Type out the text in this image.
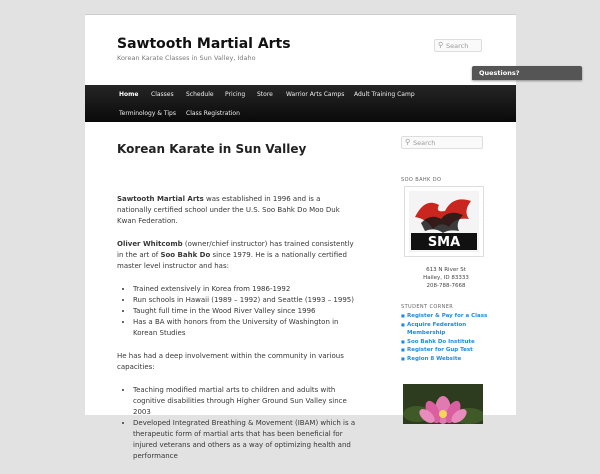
Sawtooth Martial Arts
Korean Karate Classes in Sun Valley, Idaho
⚲ Search
Home Classes Schedule Pricing Store Warrior Arts Camps Adult Training Camp
Terminology & Tips Class Registration
Korean Karate in Sun Valley

Sawtooth Martial Arts was established in 1996 and is a nationally certified school under the U.S. Soo Bahk Do Moo Duk Kwan Federation.

Oliver Whitcomb (owner/chief instructor) has trained consistently in the art of Soo Bahk Do since 1979. He is a nationally certified master level instructor and has:

• Trained extensively in Korea from 1986-1992
• Run schools in Hawaii (1989 – 1992) and Seattle (1993 – 1995)
• Taught full time in the Wood River Valley since 1996
• Has a BA with honors from the University of Washington in Korean Studies

He has had a deep involvement within the community in various capacities:

• Teaching modified martial arts to children and adults with cognitive disabilities through Higher Ground Sun Valley since 2003
• Developed Integrated Breathing & Movement (IBAM) which is a therapeutic form of martial arts that has been beneficial for injured veterans and others as a way of optimizing health and performance
⚲ Search
SOO BAHK DO
SMA
613 N River St
Hailey, ID 83333
208-788-7668
STUDENT CORNER
■ Register & Pay for a Class
■ Acquire Federation Membership
■ Soo Bahk Do Institute
■ Register for Gup Test
■ Region 8 Website
Questions?
